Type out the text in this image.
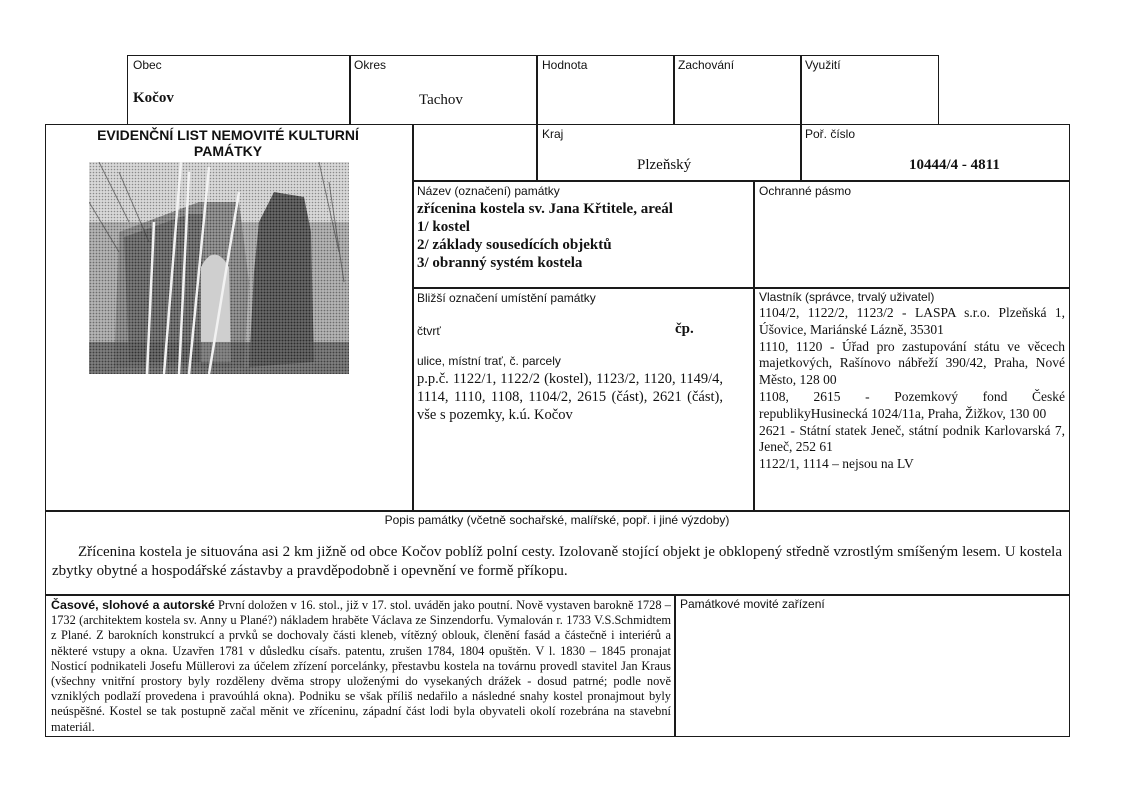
Obec
Kočov
Okres
Tachov
Hodnota	Zachování	Využití
EVIDENČNÍ LIST NEMOVITÉ KULTURNÍ PAMÁTKY
Kraj
Plzeňský
Poř. číslo
10444/4 - 4811
Název (označení) památky
zřícenina kostela sv. Jana Křtitele, areál
1/ kostel
2/ základy sousedících objektů
3/ obranný systém kostela
Ochranné pásmo
Bližší označení umístění památky
čtvrť	čp.
ulice, místní trať, č. parcely
p.p.č. 1122/1, 1122/2 (kostel), 1123/2, 1120, 1149/4, 1114, 1110, 1108, 1104/2, 2615 (část), 2621 (část), vše s pozemky, k.ú. Kočov
Vlastník (správce, trvalý uživatel)
1104/2, 1122/2, 1123/2 - LASPA s.r.o. Plzeňská 1, Úšovice, Mariánské Lázně, 35301
1110, 1120 - Úřad pro zastupování státu ve věcech majetkových, Rašínovo nábřeží 390/42, Praha, Nové Město, 128 00
1108, 2615 - Pozemkový fond České republikyHusinecká 1024/11a, Praha, Žižkov, 130 00
2621 - Státní statek Jeneč, státní podnik Karlovarská 7, Jeneč, 252 61
1122/1, 1114 – nejsou na LV
Popis památky (včetně sochařské, malířské, popř. i jiné výzdoby)
Zřícenina kostela je situována asi 2 km jižně od obce Kočov poblíž polní cesty. Izolovaně stojící objekt je obklopený středně vzrostlým smíšeným lesem. U kostela zbytky obytné a hospodářské zástavby a pravděpodobně i opevnění ve formě příkopu.
Časové, slohové a autorské První doložen v 16. stol., již v 17. stol. uváděn jako poutní. Nově vystaven barokně 1728 – 1732 (architektem kostela sv. Anny u Plané?) nákladem hraběte Václava ze Sinzendorfu. Vymalován r. 1733 V.S.Schmidtem z Plané. Z barokních konstrukcí a prvků se dochovaly části kleneb, vítězný oblouk, členění fasád a částečně i interiérů a některé vstupy a okna. Uzavřen 1781 v důsledku císařs. patentu, zrušen 1784, 1804 opuštěn. V l. 1830 – 1845 pronajat Nosticí podnikateli Josefu Müllerovi za účelem zřízení porcelánky, přestavbu kostela na továrnu provedl stavitel Jan Kraus (všechny vnitřní prostory byly rozděleny dvěma stropy uloženými do vysekaných drážek - dosud patrné; podle nově vzniklých podlaží provedena i pravoúhlá okna). Podniku se však příliš nedařilo a následné snahy kostel pronajmout byly neúspěšné. Kostel se tak postupně začal měnit ve zříceninu, západní část lodi byla obyvateli okolí rozebrána na stavební materiál.
Památkové movité zařízení
